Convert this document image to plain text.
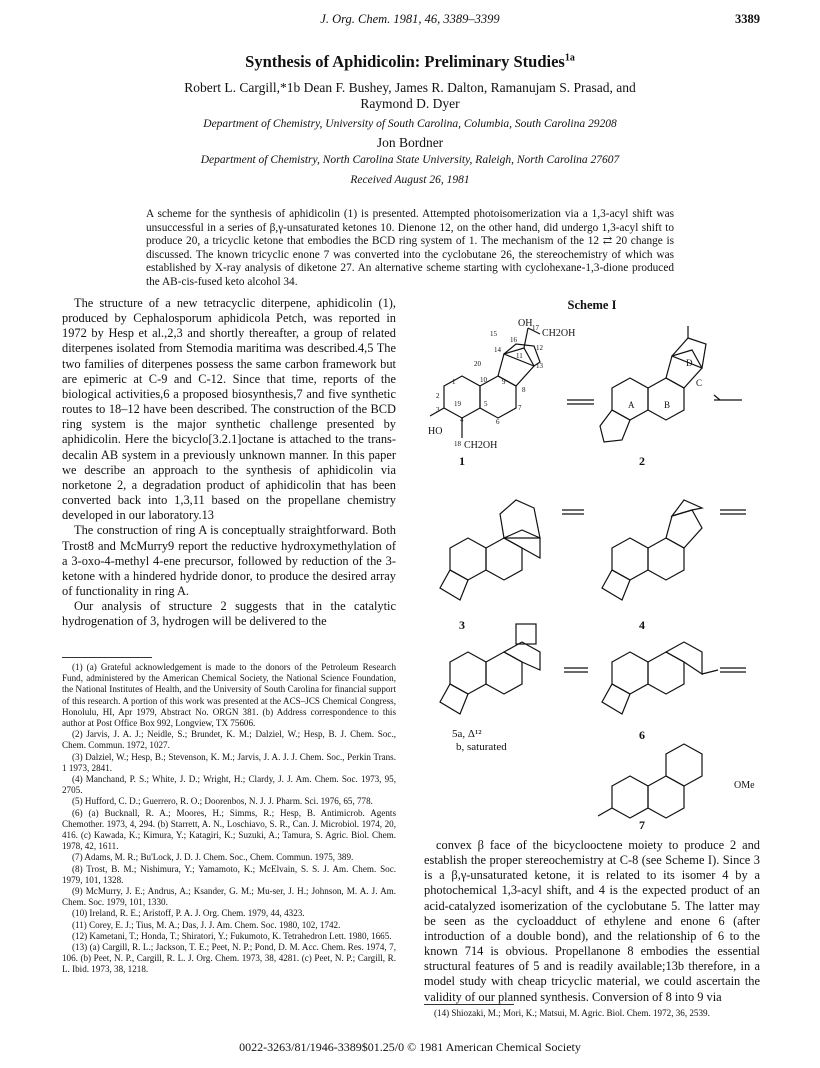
J. Org. Chem. 1981, 46, 3389–3399	3389
Synthesis of Aphidicolin: Preliminary Studies$^{1a}$
Robert L. Cargill,*1b Dean F. Bushey, James R. Dalton, Ramanujam S. Prasad, and
Raymond D. Dyer
Department of Chemistry, University of South Carolina, Columbia, South Carolina 29208
Jon Bordner
Department of Chemistry, North Carolina State University, Raleigh, North Carolina 27607
Received August 26, 1981
A scheme for the synthesis of aphidicolin (1) is presented. Attempted photoisomerization via a 1,3-acyl shift was unsuccessful in a series of β,γ-unsaturated ketones 10. Dienone 12, on the other hand, did undergo 1,3-acyl shift to produce 20, a tricyclic ketone that embodies the BCD ring system of 1. The mechanism of the 12 ⇄ 20 change is discussed. The known tricyclic enone 7 was converted into the cyclobutane 26, the stereochemistry of which was established by X-ray analysis of diketone 27. An alternative scheme starting with cyclohexane-1,3-dione produced the AB-cis-fused keto alcohol 34.

The structure of a new tetracyclic diterpene, aphidicolin (1), produced by Cephalosporum aphidicola Petch, was reported in 1972 by Hesp et al.,2,3 and shortly thereafter, a group of related diterpenes isolated from Stemodia maritima was described.4,5 The two families of diterpenes possess the same carbon framework but are epimeric at C-9 and C-12. Since that time, reports of the biological activities,6 a proposed biosynthesis,7 and five synthetic routes to 18–12 have been described. The construction of the BCD ring system is the major synthetic challenge presented by aphidicolin. Here the bicyclo[3.2.1]octane is attached to the trans-decalin AB system in a previously unknown manner. In this paper we describe an approach to the synthesis of aphidicolin via norketone 2, a degradation product of aphidicolin that has been converted back into 1,3,11 based on the propellane chemistry developed in our laboratory.13

The construction of ring A is conceptually straightforward. Both Trost8 and McMurry9 report the reductive hydroxymethylation of a 3-oxo-4-methyl 4-ene precursor, followed by reduction of the 3-ketone with a hindered hydride donor, to produce the desired array of functionality in ring A.

Our analysis of structure 2 suggests that in the catalytic hydrogenation of 3, hydrogen will be delivered to the

(1) (a) Grateful acknowledgement is made to the donors of the Petroleum Research Fund, administered by the American Chemical Society, the National Science Foundation, the National Institutes of Health, and the University of South Carolina for financial support of this research. A portion of this work was presented at the ACS–JCS Chemical Congress, Honolulu, HI, Apr 1979, Abstract No. ORGN 381. (b) Address correspondence to this author at Post Office Box 992, Longview, TX 75606.
(2) Jarvis, J. A. J.; Neidle, S.; Brundet, K. M.; Dalziel, W.; Hesp, B. J. Chem. Soc., Chem. Commun. 1972, 1027.
(3) Dalziel, W.; Hesp, B.; Stevenson, K. M.; Jarvis, J. A. J. J. Chem. Soc., Perkin Trans. 1 1973, 2841.
(4) Manchand, P. S.; White, J. D.; Wright, H.; Clardy, J. J. Am. Chem. Soc. 1973, 95, 2705.
(5) Hufford, C. D.; Guerrero, R. O.; Doorenbos, N. J. J. Pharm. Sci. 1976, 65, 778.
(6) (a) Bucknall, R. A.; Moores, H.; Simms, R.; Hesp, B. Antimicrob. Agents Chemother. 1973, 4, 294. (b) Starrett, A. N., Loschiavo, S. R., Can. J. Microbiol. 1974, 20, 416. (c) Kawada, K.; Kimura, Y.; Katagiri, K.; Suzuki, A.; Tamura, S. Agric. Biol. Chem. 1978, 42, 1611.
(7) Adams, M. R.; Bu'Lock, J. D. J. Chem. Soc., Chem. Commun. 1975, 389.
(8) Trost, B. M.; Nishimura, Y.; Yamamoto, K.; McElvain, S. S. J. Am. Chem. Soc. 1979, 101, 1328.
(9) McMurry, J. E.; Andrus, A.; Ksander, G. M.; Mu-ser, J. H.; Johnson, M. A. J. Am. Chem. Soc. 1979, 101, 1330.
(10) Ireland, R. E.; Aristoff, P. A. J. Org. Chem. 1979, 44, 4323.
(11) Corey, E. J.; Tius, M. A.; Das, J. J. Am. Chem. Soc. 1980, 102, 1742.
(12) Kametani, T.; Honda, T.; Shiratori, Y.; Fukumoto, K. Tetrahedron Lett. 1980, 1665.
(13) (a) Cargill, R. L.; Jackson, T. E.; Peet, N. P.; Pond, D. M. Acc. Chem. Res. 1974, 7, 106. (b) Peet, N. P., Cargill, R. L. J. Org. Chem. 1973, 38, 4281. (c) Peet, N. P.; Cargill, R. L. Ibid. 1973, 38, 1218.
Scheme I
1	2
3	4
5a, Δ¹²
b, saturated
6
7
OH
CH2OH
HO
CH2OH
OMe
A	B
C
D
15
16
17
14	12
11
13
20
1	10 9
8
2
3
19	5	7
4	6
18

convex β face of the bicyclooctene moiety to produce 2 and establish the proper stereochemistry at C-8 (see Scheme I). Since 3 is a β,γ-unsaturated ketone, it is related to its isomer 4 by a photochemical 1,3-acyl shift, and 4 is the expected product of an acid-catalyzed isomerization of the cyclobutane 5. The latter may be seen as the cycloadduct of ethylene and enone 6 (after introduction of a double bond), and the relationship of 6 to the known 714 is obvious. Propellanone 8 embodies the essential structural features of 5 and is readily available;13b therefore, in a model study with cheap tricyclic material, we could ascertain the validity of our planned synthesis. Conversion of 8 into 9 via

(14) Shiozaki, M.; Mori, K.; Matsui, M. Agric. Biol. Chem. 1972, 36, 2539.
0022-3263/81/1946-3389$01.25/0 © 1981 American Chemical Society
